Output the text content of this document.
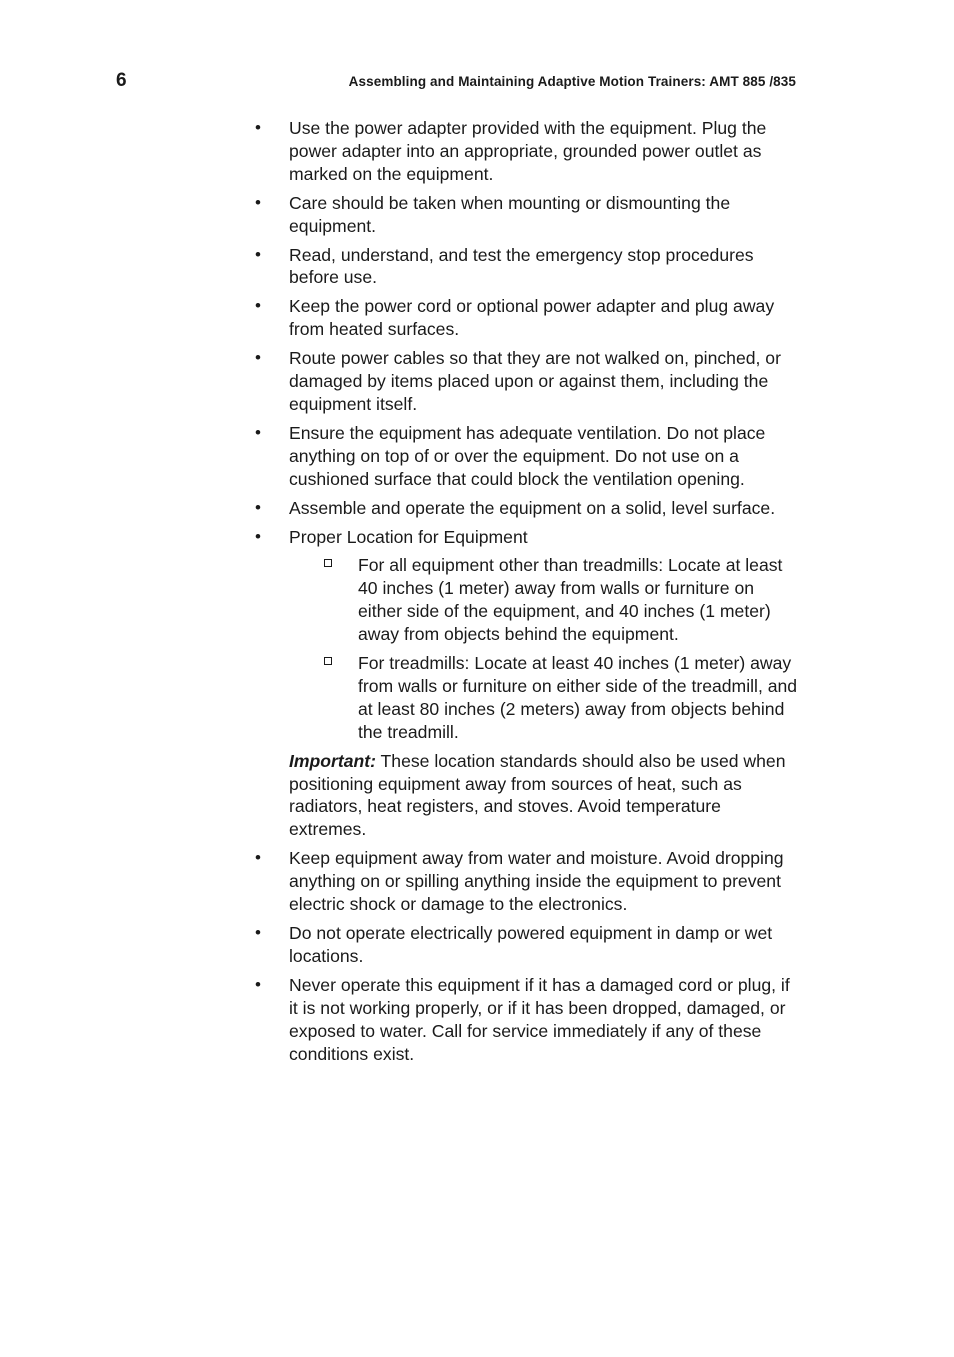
6	Assembling and Maintaining Adaptive Motion Trainers: AMT 885 /835
•	Use the power adapter provided with the equipment. Plug the power adapter into an appropriate, grounded power outlet as marked on the equipment.
•	Care should be taken when mounting or dismounting the equipment.
•	Read, understand, and test the emergency stop procedures before use.
•	Keep the power cord or optional power adapter and plug away from heated surfaces.
•	Route power cables so that they are not walked on, pinched, or damaged by items placed upon or against them, including the equipment itself.
•	Ensure the equipment has adequate ventilation. Do not place anything on top of or over the equipment. Do not use on a cushioned surface that could block the ventilation opening.
•	Assemble and operate the equipment on a solid, level surface.
•	Proper Location for Equipment
For all equipment other than treadmills: Locate at least 40 inches (1 meter) away from walls or furniture on either side of the equipment, and 40 inches (1 meter) away from objects behind the equipment.
For treadmills: Locate at least 40 inches (1 meter) away from walls or furniture on either side of the treadmill, and at least 80 inches (2 meters) away from objects behind the treadmill.

Important: These location standards should also be used when positioning equipment away from sources of heat, such as radiators, heat registers, and stoves. Avoid temperature extremes.

•	Keep equipment away from water and moisture. Avoid dropping anything on or spilling anything inside the equipment to prevent electric shock or damage to the electronics.
•	Do not operate electrically powered equipment in damp or wet locations.
•	Never operate this equipment if it has a damaged cord or plug, if it is not working properly, or if it has been dropped, damaged, or exposed to water. Call for service immediately if any of these conditions exist.
